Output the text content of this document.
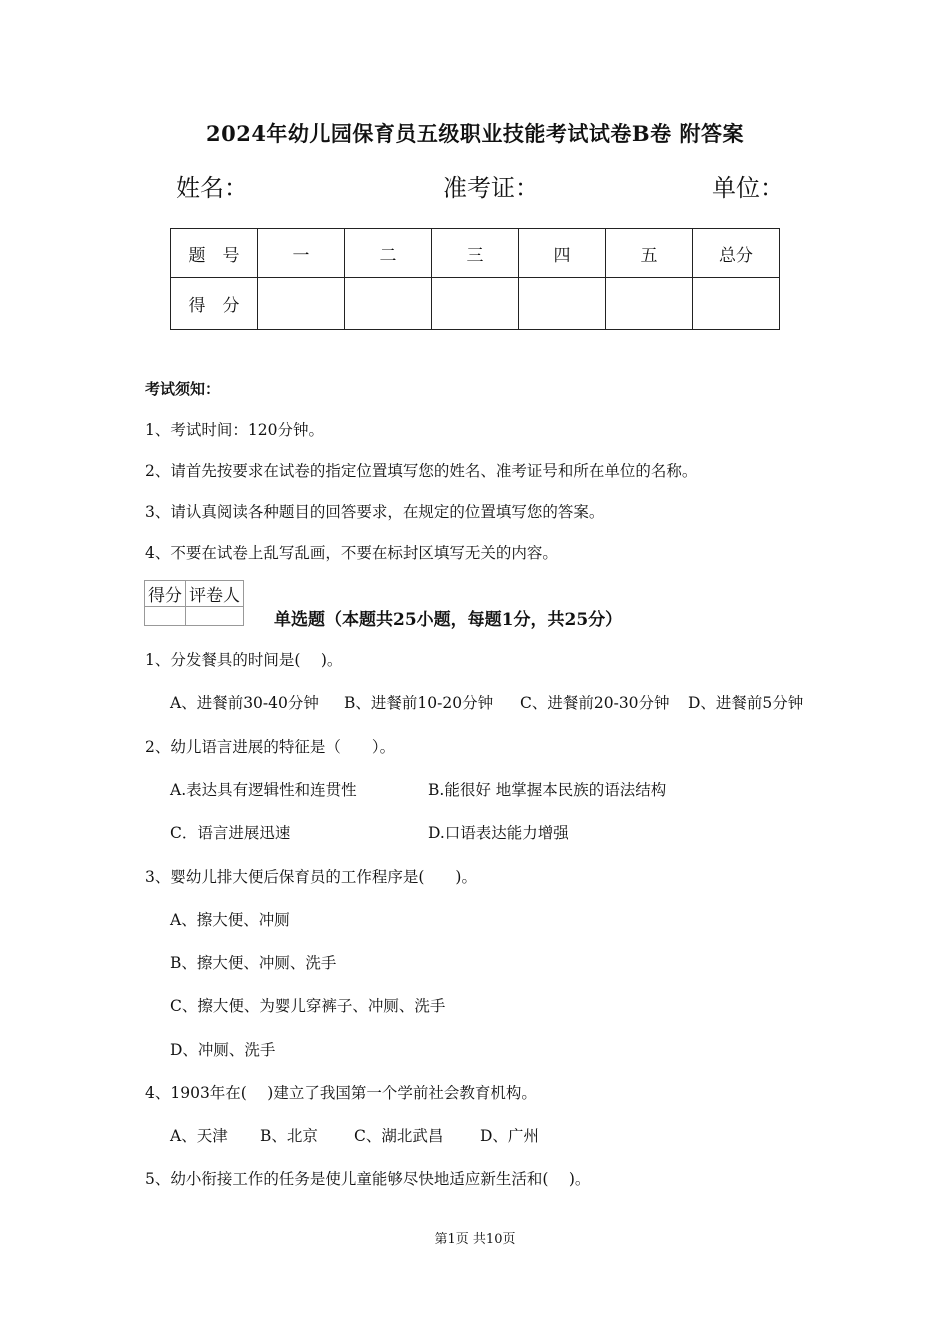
2024年幼儿园保育员五级职业技能考试试卷B卷 附答案
姓名：	准考证：	单位：
题　号	一	二	三	四	五	总分
得　分						
考试须知：
1、考试时间：120分钟。
2、请首先按要求在试卷的指定位置填写您的姓名、准考证号和所在单位的名称。
3、请认真阅读各种题目的回答要求，在规定的位置填写您的答案。
4、不要在试卷上乱写乱画，不要在标封区填写无关的内容。
得分	评卷人

单选题（本题共25小题，每题1分，共25分）
1、分发餐具的时间是(　 )。
A、进餐前30-40分钟 B、进餐前10-20分钟 C、进餐前20-30分钟 D、进餐前5分钟
2、幼儿语言进展的特征是（　　）。
A.表达具有逻辑性和连贯性	B.能很好 地掌握本民族的语法结构
C．语言进展迅速	D.口语表达能力增强
3、婴幼儿排大便后保育员的工作程序是(　　)。
A、擦大便、冲厕
B、擦大便、冲厕、洗手
C、擦大便、为婴儿穿裤子、冲厕、洗手
D、冲厕、洗手
4、1903年在(　 )建立了我国第一个学前社会教育机构。
A、天津 B、北京 C、湖北武昌 D、广州
5、幼小衔接工作的任务是使儿童能够尽快地适应新生活和(　 )。
第1页 共10页
